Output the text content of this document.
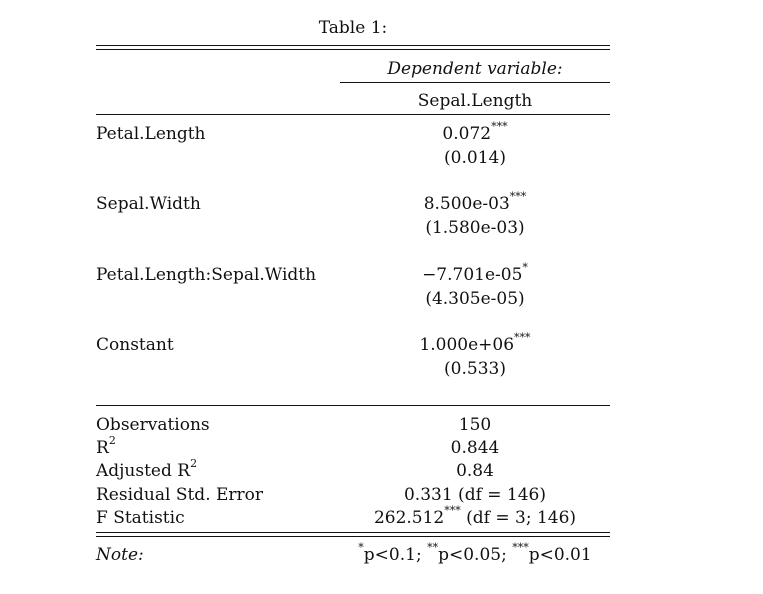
Table 1:
Dependent variable:
Sepal.Length
Petal.Length	0.072***
(0.014)
Sepal.Width	8.500e-03***
(1.580e-03)
Petal.Length:Sepal.Width	−7.701e-05*
(4.305e-05)
Constant	1.000e+06***
(0.533)
Observations	150
$R^2$	0.844
Adjusted $R^2$	0.84
Residual Std. Error	0.331 (df = 146)
F Statistic	262.512*** (df = 3; 146)
Note:	*p<0.1; **p<0.05; ***p<0.01
